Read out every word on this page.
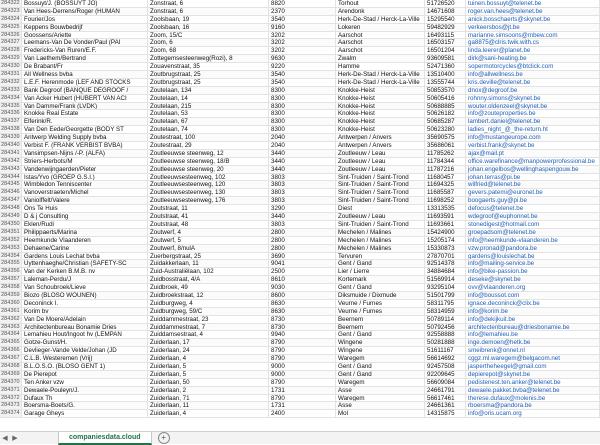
284322 Bossuyt/J. (BOSSUYT JO)	Zonstraat, 6	8820	Torhout	51726520	tuinen.bossuyt@telenet.be
284323 Van Hees-Derrens/Roger (HUMAN	Zonstraat, 6	2370	Arendonk	14671608	roger.van.hees@telenet.be
284324 Fourier/Jos	Zoolsbaan, 19	3540	Herk-De-Stad / Herck-La-Ville	15295540	anick.bosschaerts@skynet.be
284325 Keppens Bouwbedrijf	Zoolsbaan, 16	9160	Lokeren	59482929	verkeersbos@jt.be
284326 Goossens/Ariette	Zoom, 15/C	3202	Aarschot	16493115	marianne.simsoons@mbew.com
284327 Leemans-Van De Vonder/Paul (PAI	Zoom, 6	3202	Aarschot	16503157	ga8875@clris.twik.with.cs
284328 Fredericks-Van Ruren/E.F.	Zoom, 68	3202	Aarschot	16501204	linda.leerer@planet.be
284329 Van Laethem/Bertrand	Zottegemsesteenweg(Rozi), 8	9630	Zwalm	93609581	dirk@sani-heating.be
284330 De Brabant/Fr	Zouavenstraat, 35	9220	Hamme	52471360	sopermotorcycles@btclick.com
284331 All Wellness bvba	Zoutbrugstraat, 25	3540	Herk-De-Stad / Herck-La-Ville	13510400	info@allwellness.be
284332 L.E.F. Herenmode (LEF AND STOCKS	Zoutbrugstraat, 25	3540	Herk-De-Stad / Herck-La-Ville	13555744	kris.deville@telenet.be
284333 Bank Degroof (BANQUE DEGROOF /	Zoutelaan, 134	8300	Knokke-Heist	50853570	dnox@degroof.be
284334 Van Acker Hubert (HUBERT VAN ACI	Zoutelaan, 14	8300	Knokke-Heist	50605416	rohnny.simons@skynet.be
284335 Van Damme/Frank (LVDK)	Zoutelaan, 215	8300	Knokke-Heist	50688885	wouter.oldenzeel@skynet.be
284336 Knokke Real Estate	Zoutelaan, 53	8300	Knokke-Heist	50626182	info@zouteproperties.be
284337 Elferink/R.	Zoutelaan, 67	8300	Knokke-Heist	50685287	lambert.daniel@telenet.be
284338 Van Den Eede/Georgette (BODY ST	Zoutelaan, 74	8300	Knokke-Heist	50623280	ladies_night_@_the-return.ht
284339 Antwerp Welding Supply bvba	Zoutestraat, 100	2040	Antwerpen / Anvers	35690575	info@mustangeurope.com
284340 Verbist F. (FRANK VERBIST BVBA)	Zoutestraat, 29	2040	Antwerpen / Anvers	35686061	verbist.frank@skynet.be
284341 Vansimpsen-Nijns /-P. (ALFA)	Zoutleeuwse steenweg, 12	3440	Zoutleeuw / Leau	11785262	ajax@mail.pt
284342 Striers-Herbots/M	Zoutleeuwse steenweg, 18/B	3440	Zoutleeuw / Leau	11784344	office.warefinance@manpowerprofessional.be
284343 Vandenwijngaerden/Pieter	Zoutleeuwse steenweg, 20	3440	Zoutleeuw / Leau	11787216	johan.engelbos@wellinghaspengouw.be
284344 Istas/Yvo (GROEP G.S.I.)	Zoutleeuwsesteenweg, 102	3803	Sint-Truiden / Saint-Trond	11680457	johan.terras@pi.be
284345 Wimbledon Tenniscenter	Zoutleeuwsesteenweg, 120	3803	Sint-Truiden / Saint-Trond	11694325	wilfried@telenet.be
284346 Vanoverstraeten/Michel	Zoutleeuwsesteenweg, 130	3803	Sint-Truiden / Saint-Trond	11685587	gevers.patemi@euronet.be
284347 Vaniolffelt/Valere	Zoutleeuwsesteenweg, 176	3803	Sint-Truiden / Saint-Trond	11698252	boogaerts.guy@pi.be
284348 Ons Te Huis	Zoutstraat, 11	3290	Diest	13313535	defocus@telenet.be
284349 D & j Consulting	Zoutstraat, 41	3440	Zoutleeuw / Leau	11693591	wdegroof@euphonnet.be
284350 Eklen/Rudi	Zoutstraat, 48	3803	Sint-Truiden / Saint-Trond	11693661	stonedigest@hotmail.com
284351 Philippaerts/Marina	Zoutwerf, 4	2800	Mechelen / Malines	15424900	groepadsom@telenet.be
284352 Heemkunde Vlaanderen	Zoutwerf, 5	2800	Mechelen / Malines	15205174	info@heemkunde-vlaanderen.be
284353 Dehaene/Carine	Zoutwerf, 8/nulA	2800	Mechelen / Malines	15330873	vzw.pronad@pandora.be
284354 Gardens Louis Lechat bvba	Zuerbergstraat, 25	3690	Tervuren	27870701	gardens@louislechat.be
284355 Uyttenhaeghe/Christian (SAFETY-SC	Zuidakkerlaan, 11	9041	Gent / Gand	92514378	info@mailing-service.be
284356 Van der Kerken B.M.B. nv	Zuid-Australiëlaan, 102	2500	Lier / Lierre	34884684	info@bike-passion.be
284357 Laleman-Perdu/J	Zuidbosstraat, 4/A	8610	Kortemark	51569914	deseke@skynet.be
284358 Van Schoubroek/Lieve	Zuidbroek, 49	9030	Gent / Gand	93295104	ovv@vlaanderen.org
284359 Biozo (BLOSO WOUNEN)	Zuidbroekstraat, 12	8600	Diksmuide / Dixmude	51501799	info@boussot.com
284360 Deconinck I.	Zuidburgweg, 4	8630	Veurne / Furnes	58311795	ignace.deconinck@clix.be
284361 Korim bv	Zuidburgweg, 59/C	8630	Veurne / Furnes	58314959	info@korim.be
284362 Van De Moere/Adelain	Zuiddammestraat, 23	8730	Beernem	50789114	info@dekijkuit.be
284363 Architectenbureau Bonamie Dries	Zuiddammestraat, 7	8730	Beernem	50792456	architectenbureau@driesbonamie.be
284364 Lemahieu Hout/Ingoot hv (LEMPAN	Zuiddamsestraat, 4	9940	Gent / Gand	92558888	info@lemahieu.be
284365 Gotze-Gunst/H.	Zuiderlaan, 17	8790	Wingene	50281888	inge.demoen@hetk.be
284366 Devlieger-Vande Velde/Johan (JD	Zuiderlaan, 24	8790	Wingene	51611167	smeibrenk@onnet.nl
284367 C.L.B. Westeremen (Vrij)	Zuiderlaan, 4	8790	Waregem	56614692	cggz.ml.waregem@belgacom.net
284368 B.L.O.S.O. (BLOSO GENT 1)	Zuiderlaan, 5	9000	Gent / Gand	92457508	jaspertheheegel@gmail.com
284369 De Pierepot	Zuiderlaan, 5	9000	Gent / Gand	92209645	depierepot@skynet.be
284370 Ten Anker vzw	Zuiderlaan, 50	8790	Waregem	56609084	pedistenest.ten.anker@telenet.be
284371 Dewaele-Pouleyn/J.	Zuiderlaan, 2	1731	Asse	24661791	dewaele.pakket.bvba@telenet.be
284372 Dufaux Th	Zuiderlaan, 71	8790	Waregem	56617461	therese.dufaux@molenis.be
284373 Boersma-Boets/G.	Zuiderlaan, 11	1731	Asse	24661361	rboersma@pandora.be
284374 Garage Gheys	Zuiderlaan, 4	2400	Mol	14315875	info@oris.ucam.org
◀ ▶	companiesdata.cloud	+
